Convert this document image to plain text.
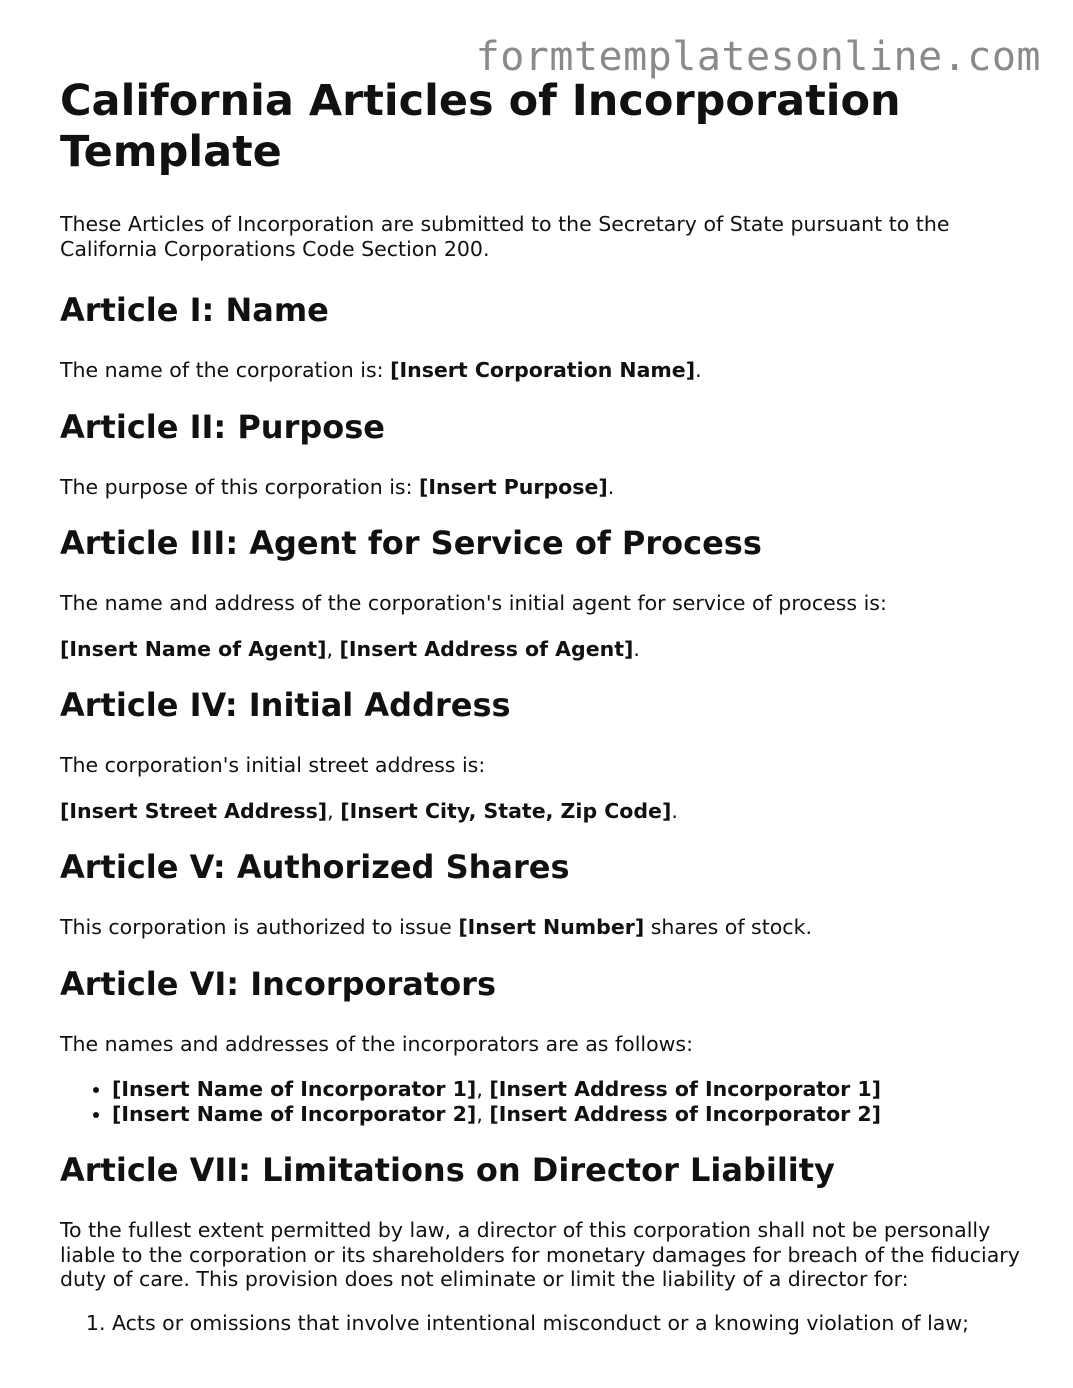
formtemplatesonline.com
California Articles of Incorporation Template

These Articles of Incorporation are submitted to the Secretary of State pursuant to the California Corporations Code Section 200.

Article I: Name

The name of the corporation is: [Insert Corporation Name].

Article II: Purpose

The purpose of this corporation is: [Insert Purpose].

Article III: Agent for Service of Process

The name and address of the corporation's initial agent for service of process is:

[Insert Name of Agent], [Insert Address of Agent].

Article IV: Initial Address

The corporation's initial street address is:

[Insert Street Address], [Insert City, State, Zip Code].

Article V: Authorized Shares

This corporation is authorized to issue [Insert Number] shares of stock.

Article VI: Incorporators

The names and addresses of the incorporators are as follows:

• [Insert Name of Incorporator 1], [Insert Address of Incorporator 1]
• [Insert Name of Incorporator 2], [Insert Address of Incorporator 2]
Article VII: Limitations on Director Liability

To the fullest extent permitted by law, a director of this corporation shall not be personally liable to the corporation or its shareholders for monetary damages for breach of the fiduciary duty of care. This provision does not eliminate or limit the liability of a director for:

1. Acts or omissions that involve intentional misconduct or a knowing violation of law;
